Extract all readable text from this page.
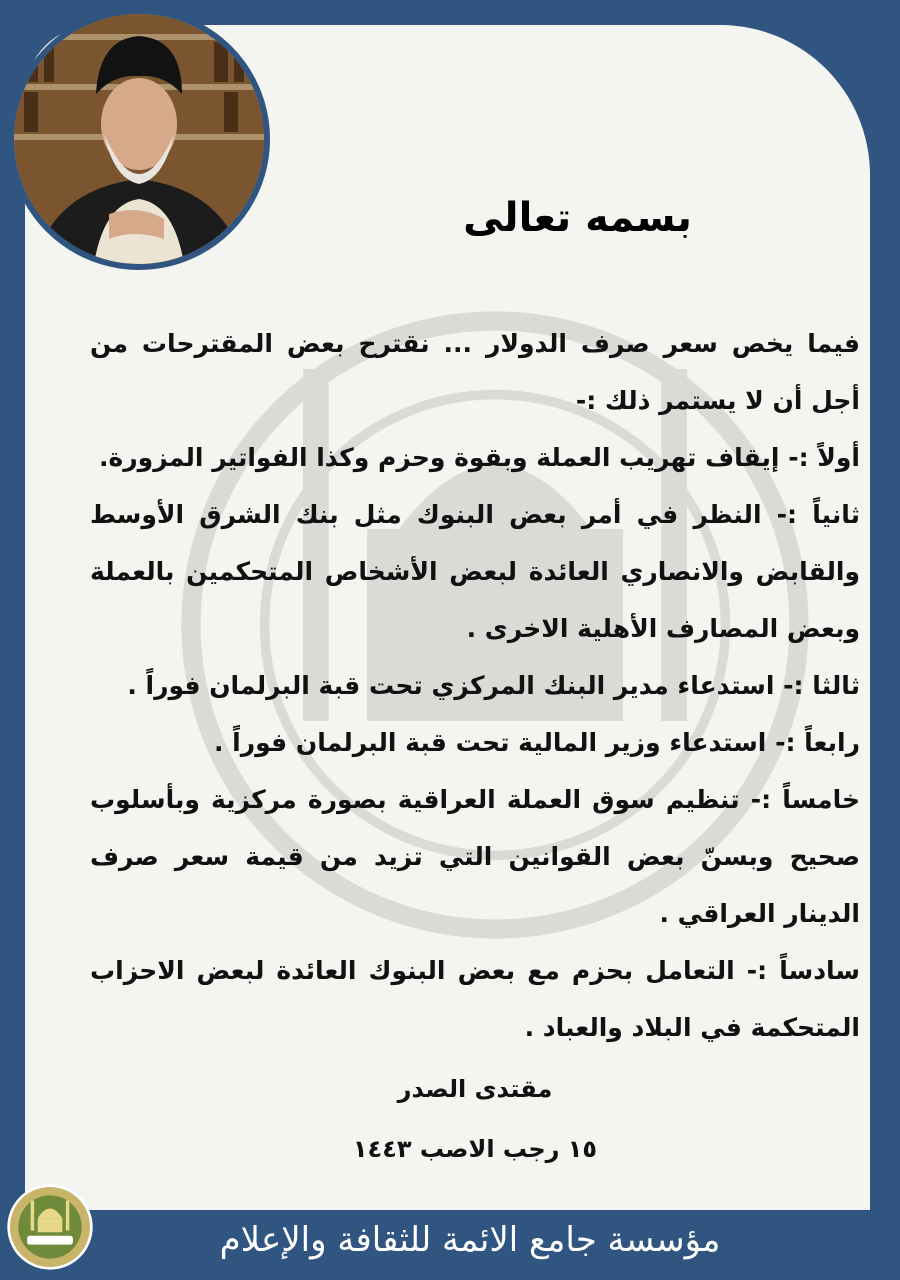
بسمه تعالى

فيما يخص سعر صرف الدولار ... نقترح بعض المقترحات من أجل أن لا يستمر ذلك :-

أولاً :- إيقاف تهريب العملة وبقوة وحزم وكذا الفواتير المزورة.

ثانياً :- النظر في أمر بعض البنوك مثل بنك الشرق الأوسط والقابض والانصاري العائدة لبعض الأشخاص المتحكمين بالعملة وبعض المصارف الأهلية الاخرى .

ثالثا :- استدعاء مدير البنك المركزي تحت قبة البرلمان فوراً .

رابعاً :- استدعاء وزير المالية تحت قبة البرلمان فوراً .

خامساً :- تنظيم سوق العملة العراقية بصورة مركزية وبأسلوب صحيح وبسنّ بعض القوانين التي تزيد من قيمة سعر صرف الدينار العراقي .

سادساً :- التعامل بحزم مع بعض البنوك العائدة لبعض الاحزاب المتحكمة في البلاد والعباد .

مقتدى الصدر
١٥ رجب الاصب ١٤٤٣
مؤسسة جامع الائمة للثقافة والإعلام
